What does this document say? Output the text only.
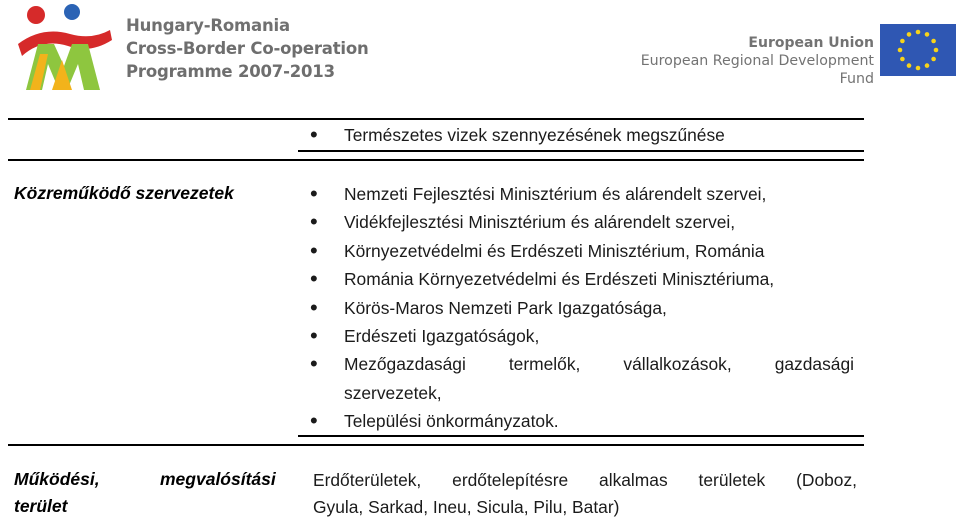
Hungary-Romania
Cross-Border Co-operation
Programme 2007-2013
European Union
European Regional Development Fund
• Természetes vizek szennyezésének megszűnése
Közreműködő szervezetek
•	Nemzeti Fejlesztési Minisztérium és alárendelt szervei,
• Vidékfejlesztési Minisztérium és alárendelt szervei,
• Környezetvédelmi és Erdészeti Minisztérium, Románia
• Románia Környezetvédelmi és Erdészeti Minisztériuma,
• Körös-Maros Nemzeti Park Igazgatósága,
• Erdészeti Igazgatóságok,
• Mezőgazdasági termelők, vállalkozások, gazdasági
szervezetek,
• Települési önkormányzatok.
Működési,	megvalósítási
terület
Erdőterületek, erdőtelepítésre alkalmas területek (Doboz,
Gyula, Sarkad, Ineu, Sicula, Pilu, Batar)
